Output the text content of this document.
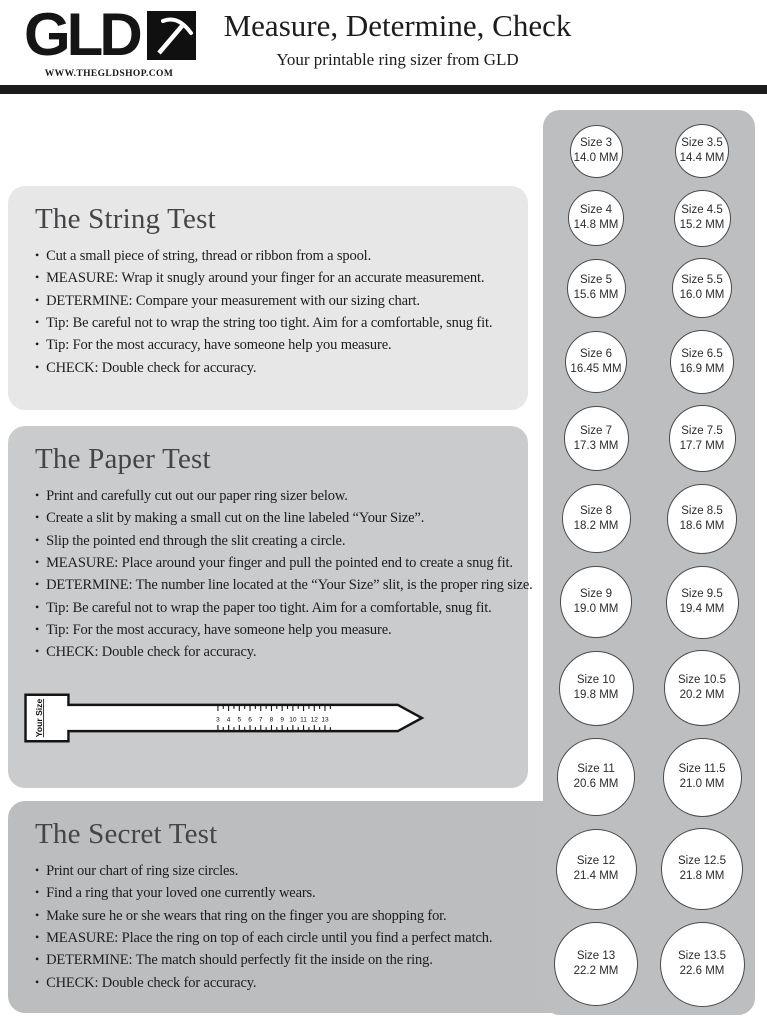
GLD
WWW.THEGLDSHOP.COM
Measure, Determine, Check
Your printable ring sizer from GLD
The String Test
• Cut a small piece of string, thread or ribbon from a spool.
• MEASURE: Wrap it snugly around your finger for an accurate measurement.
• DETERMINE: Compare your measurement with our sizing chart.
• Tip: Be careful not to wrap the string too tight. Aim for a comfortable, snug fit.
• Tip: For the most accuracy, have someone help you measure.
• CHECK: Double check for accuracy.
The Paper Test
• Print and carefully cut out our paper ring sizer below.
• Create a slit by making a small cut on the line labeled “Your Size”.
• Slip the pointed end through the slit creating a circle.
• MEASURE: Place around your finger and pull the pointed end to create a snug fit.
• DETERMINE: The number line located at the “Your Size” slit, is the proper ring size.
• Tip: Be careful not to wrap the paper too tight. Aim for a comfortable, snug fit.
• Tip: For the most accuracy, have someone help you measure.
• CHECK: Double check for accuracy.
Your Size	3 4 5 6 7 8 9 10 11 12 13
The Secret Test
• Print our chart of ring size circles.
• Find a ring that your loved one currently wears.
• Make sure he or she wears that ring on the finger you are shopping for.
• MEASURE: Place the ring on top of each circle until you find a perfect match.
• DETERMINE: The match should perfectly fit the inside on the ring.
• CHECK: Double check for accuracy.
Size 3
14.0 MM
Size 3.5
14.4 MM
Size 4
14.8 MM
Size 4.5
15.2 MM
Size 5
15.6 MM
Size 5.5
16.0 MM
Size 6
16.45 MM
Size 6.5
16.9 MM
Size 7
17.3 MM
Size 7.5
17.7 MM
Size 8
18.2 MM
Size 8.5
18.6 MM
Size 9
19.0 MM
Size 9.5
19.4 MM
Size 10
19.8 MM
Size 10.5
20.2 MM
Size 11
20.6 MM
Size 11.5
21.0 MM
Size 12
21.4 MM
Size 12.5
21.8 MM
Size 13
22.2 MM
Size 13.5
22.6 MM
